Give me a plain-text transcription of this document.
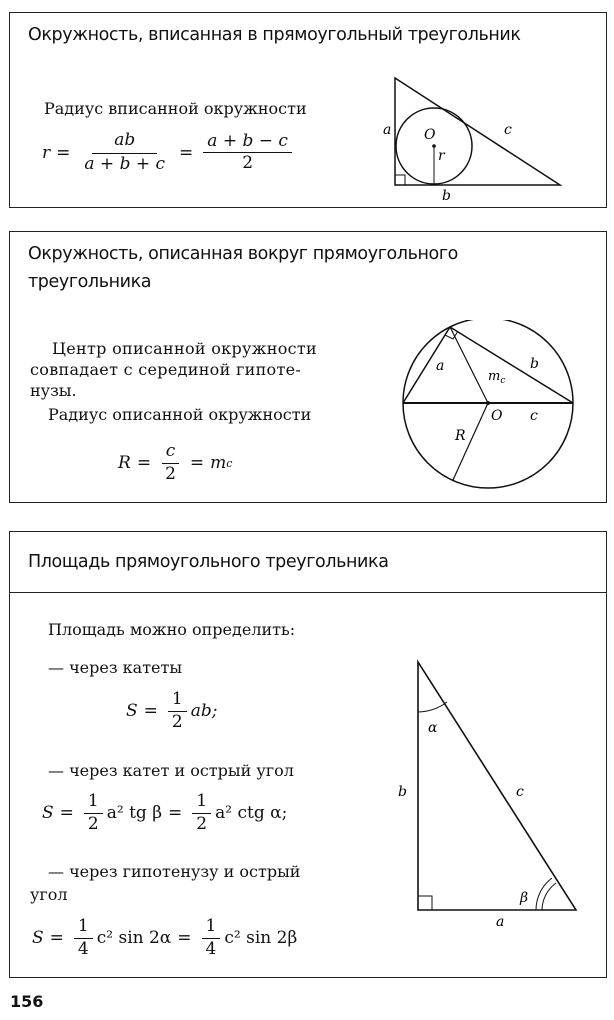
Окружность, вписанная в прямоугольный треугольник
Радиус вписанной окружности
$r = \frac{ab}{a + b + c} = \frac{a + b - c}{2}$
a	c
O
r
b
Окружность, описанная вокруг прямоугольного
треугольника
Центр описанной окружности
совпадает с серединой гипоте-
нузы.
Радиус описанной окружности
$R = \frac{c}{2} = m$ c
a	b
$m_c$
O c
R
Площадь прямоугольного треугольника
Площадь можно определить:
— через катеты
$S = \frac{1}{2}$ ab;
— через катет и острый угол
$S = \frac{1}{2} a^2$ tg $\beta = \frac{1}{2} a^2$ ctg α;
— через гипотенузу и острый
угол
$S = \frac{1}{4} c^2$ $\sin 2\alpha = \frac{1}{4} c^2$ sin 2β
α
b	c
β
a
156
